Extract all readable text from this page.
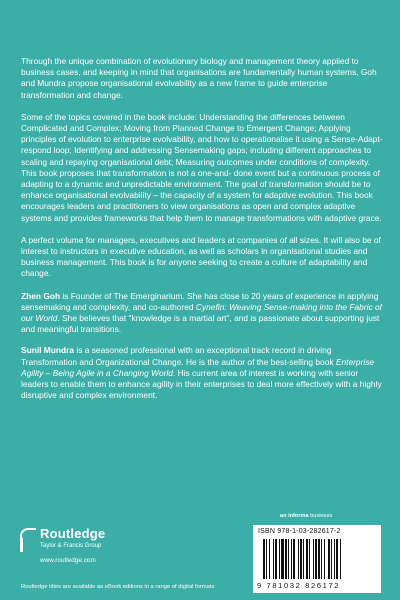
Through the unique combination of evolutionary biology and management theory applied to business cases, and keeping in mind that organisations are fundamentally human systems, Goh and Mundra propose organisational evolvability as a new frame to guide enterprise transformation and change.

Some of the topics covered in the book include: Understanding the differences between Complicated and Complex; Moving from Planned Change to Emergent Change; Applying principles of evolution to enterprise evolvability, and how to operationalise it using a Sense-Adapt-respond loop; Identifying and addressing Sensemaking gaps; including different approaches to scaling and repaying organisational debt; Measuring outcomes under conditions of complexity. This book proposes that transformation is not a one-and- done event but a continuous process of adapting to a dynamic and unpredictable environment. The goal of transformation should be to enhance organisational evolvability – the capacity of a system for adaptive evolution. This book encourages leaders and practitioners to view organisations as open and complex adaptive systems and provides frameworks that help them to manage transformations with adaptive grace.

A perfect volume for managers, executives and leaders at companies of all sizes. It will also be of interest to instructors in executive education, as well as scholars in organisational studies and business management. This book is for anyone seeking to create a culture of adaptability and change.

Zhen Goh is Founder of The Emerginarium. She has close to 20 years of experience in applying sensemaking and complexity, and co-authored Cynefin: Weaving Sense-making into the Fabric of our World. She believes that "knowledge is a martial art", and is passionate about supporting just and meaningful transitions.

Sunil Mundra is a seasoned professional with an exceptional track record in driving Transformation and Organizational Change. He is the author of the best-selling book Enterprise Agility – Being Agile in a Changing World. His current area of interest is working with senior leaders to enable them to enhance agility in their enterprises to deal more effectively with a highly disruptive and complex environment.

Routledge
Taylor & Francis Group
www.routledge.com
Routledge titles are available as eBook editions in a range of digital formats
an informa business
ISBN 978-1-03-282617-2
9 781032 826172
